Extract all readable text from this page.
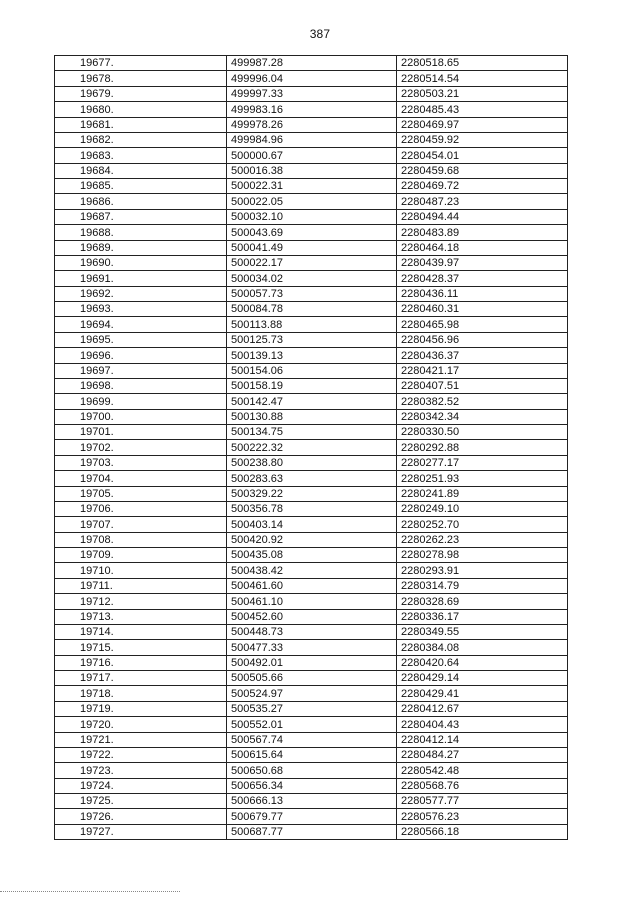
387
19677.	499987.28	2280518.65
19678.	499996.04	2280514.54
19679.	499997.33	2280503.21
19680.	499983.16	2280485.43
19681.	499978.26	2280469.97
19682.	499984.96	2280459.92
19683.	500000.67	2280454.01
19684.	500016.38	2280459.68
19685.	500022.31	2280469.72
19686.	500022.05	2280487.23
19687.	500032.10	2280494.44
19688.	500043.69	2280483.89
19689.	500041.49	2280464.18
19690.	500022.17	2280439.97
19691.	500034.02	2280428.37
19692.	500057.73	2280436.11
19693.	500084.78	2280460.31
19694.	500113.88	2280465.98
19695.	500125.73	2280456.96
19696.	500139.13	2280436.37
19697.	500154.06	2280421.17
19698.	500158.19	2280407.51
19699.	500142.47	2280382.52
19700.	500130.88	2280342.34
19701.	500134.75	2280330.50
19702.	500222.32	2280292.88
19703.	500238.80	2280277.17
19704.	500283.63	2280251.93
19705.	500329.22	2280241.89
19706.	500356.78	2280249.10
19707.	500403.14	2280252.70
19708.	500420.92	2280262.23
19709.	500435.08	2280278.98
19710.	500438.42	2280293.91
19711.	500461.60	2280314.79
19712.	500461.10	2280328.69
19713.	500452.60	2280336.17
19714.	500448.73	2280349.55
19715.	500477.33	2280384.08
19716.	500492.01	2280420.64
19717.	500505.66	2280429.14
19718.	500524.97	2280429.41
19719.	500535.27	2280412.67
19720.	500552.01	2280404.43
19721.	500567.74	2280412.14
19722.	500615.64	2280484.27
19723.	500650.68	2280542.48
19724.	500656.34	2280568.76
19725.	500666.13	2280577.77
19726.	500679.77	2280576.23
19727.	500687.77	2280566.18
